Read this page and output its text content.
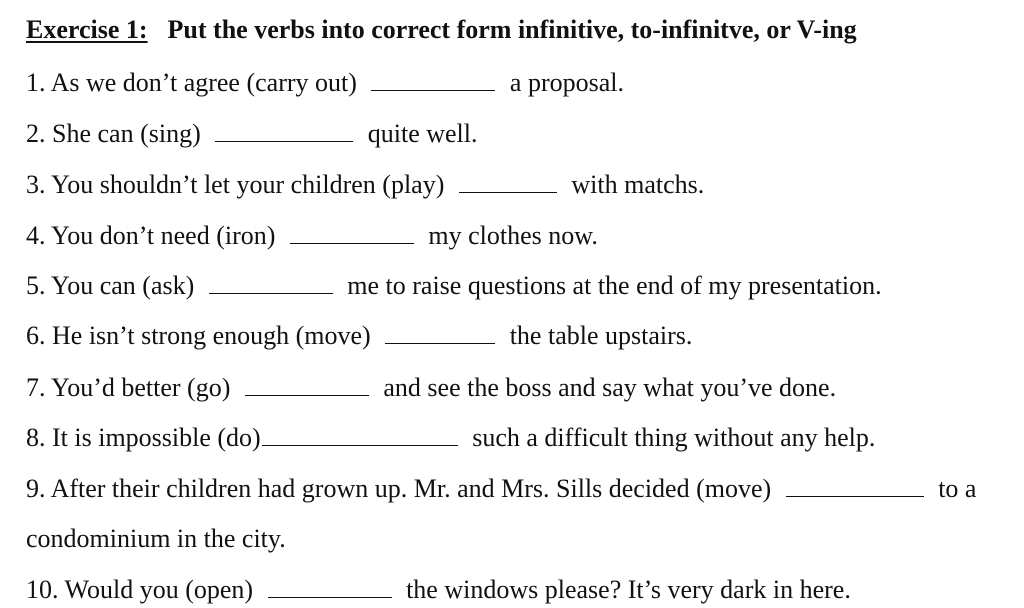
Exercise 1: Put the verbs into correct form infinitive, to-infinitve, or V-ing
1. As we don’t agree (carry out)	a proposal.
2. She can (sing)	quite well.
3. You shouldn’t let your children (play)	with matchs.
4. You don’t need (iron)	my clothes now.
5. You can (ask)	me to raise questions at the end of my presentation.
6. He isn’t strong enough (move)	the table upstairs.
7. You’d better (go)	and see the boss and say what you’ve done.
8. It is impossible (do)	such a difficult thing without any help.
9. After their children had grown up. Mr. and Mrs. Sills decided (move)	to a
condominium in the city.
10. Would you (open)	the windows please? It’s very dark in here.
